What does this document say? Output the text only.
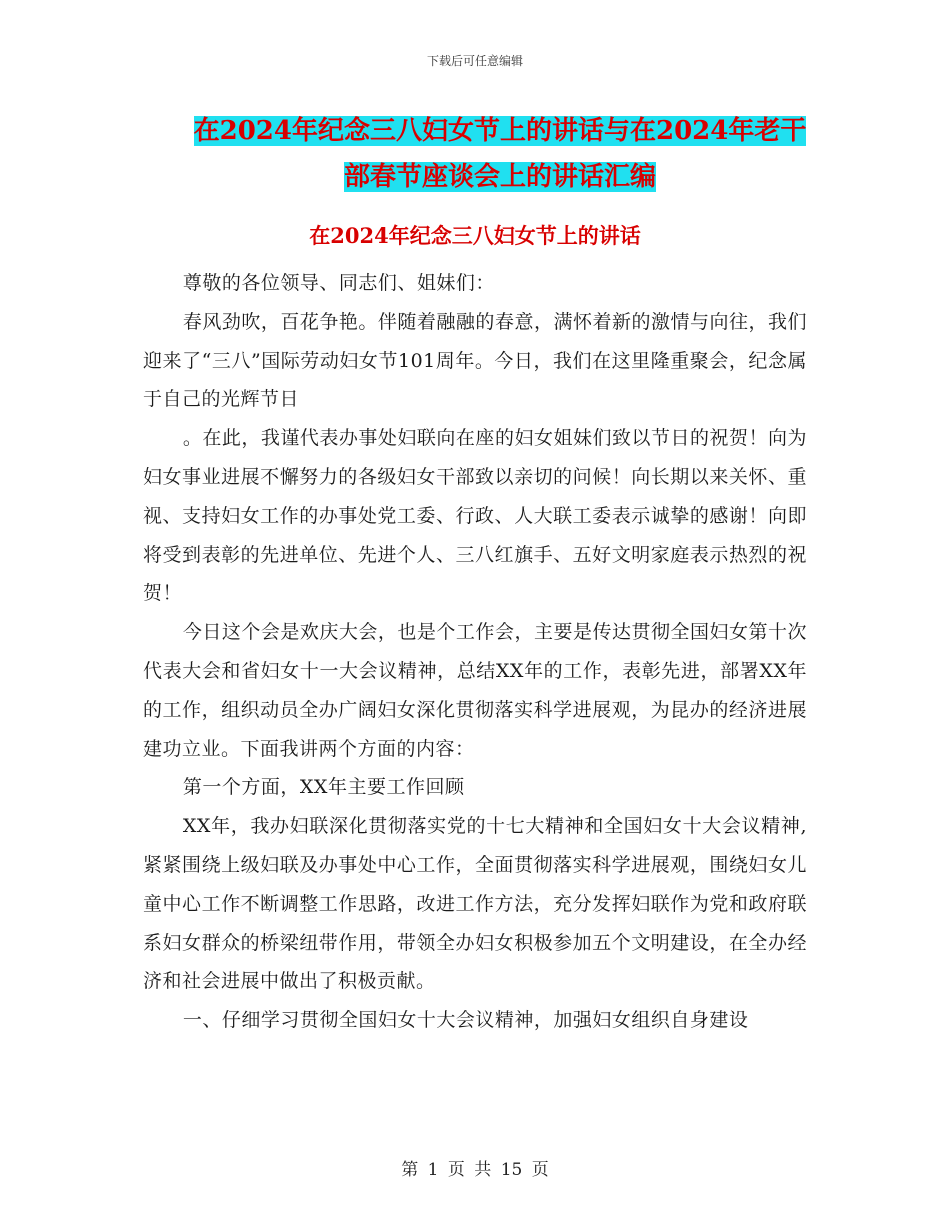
下载后可任意编辑
在2024年纪念三八妇女节上的讲话与在2024年老干
部春节座谈会上的讲话汇编
在2024年纪念三八妇女节上的讲话

尊敬的各位领导、同志们、姐妹们：

春风劲吹，百花争艳。伴随着融融的春意，满怀着新的激情与向往，我们迎来了“三八”国际劳动妇女节101周年。今日，我们在这里隆重聚会，纪念属于自己的光辉节日

。在此，我谨代表办事处妇联向在座的妇女姐妹们致以节日的祝贺！向为妇女事业进展不懈努力的各级妇女干部致以亲切的问候！向长期以来关怀、重视、支持妇女工作的办事处党工委、行政、人大联工委表示诚挚的感谢！向即将受到表彰的先进单位、先进个人、三八红旗手、五好文明家庭表示热烈的祝贺！

今日这个会是欢庆大会，也是个工作会，主要是传达贯彻全国妇女第十次代表大会和省妇女十一大会议精神，总结XX年的工作，表彰先进，部署XX年的工作，组织动员全办广阔妇女深化贯彻落实科学进展观，为昆办的经济进展建功立业。下面我讲两个方面的内容：

第一个方面，XX年主要工作回顾

XX年，我办妇联深化贯彻落实党的十七大精神和全国妇女十大会议精神,紧紧围绕上级妇联及办事处中心工作，全面贯彻落实科学进展观，围绕妇女儿童中心工作不断调整工作思路，改进工作方法，充分发挥妇联作为党和政府联系妇女群众的桥梁纽带作用，带领全办妇女积极参加五个文明建设，在全办经济和社会进展中做出了积极贡献。

一、仔细学习贯彻全国妇女十大会议精神，加强妇女组织自身建设

第 1 页 共 15 页
